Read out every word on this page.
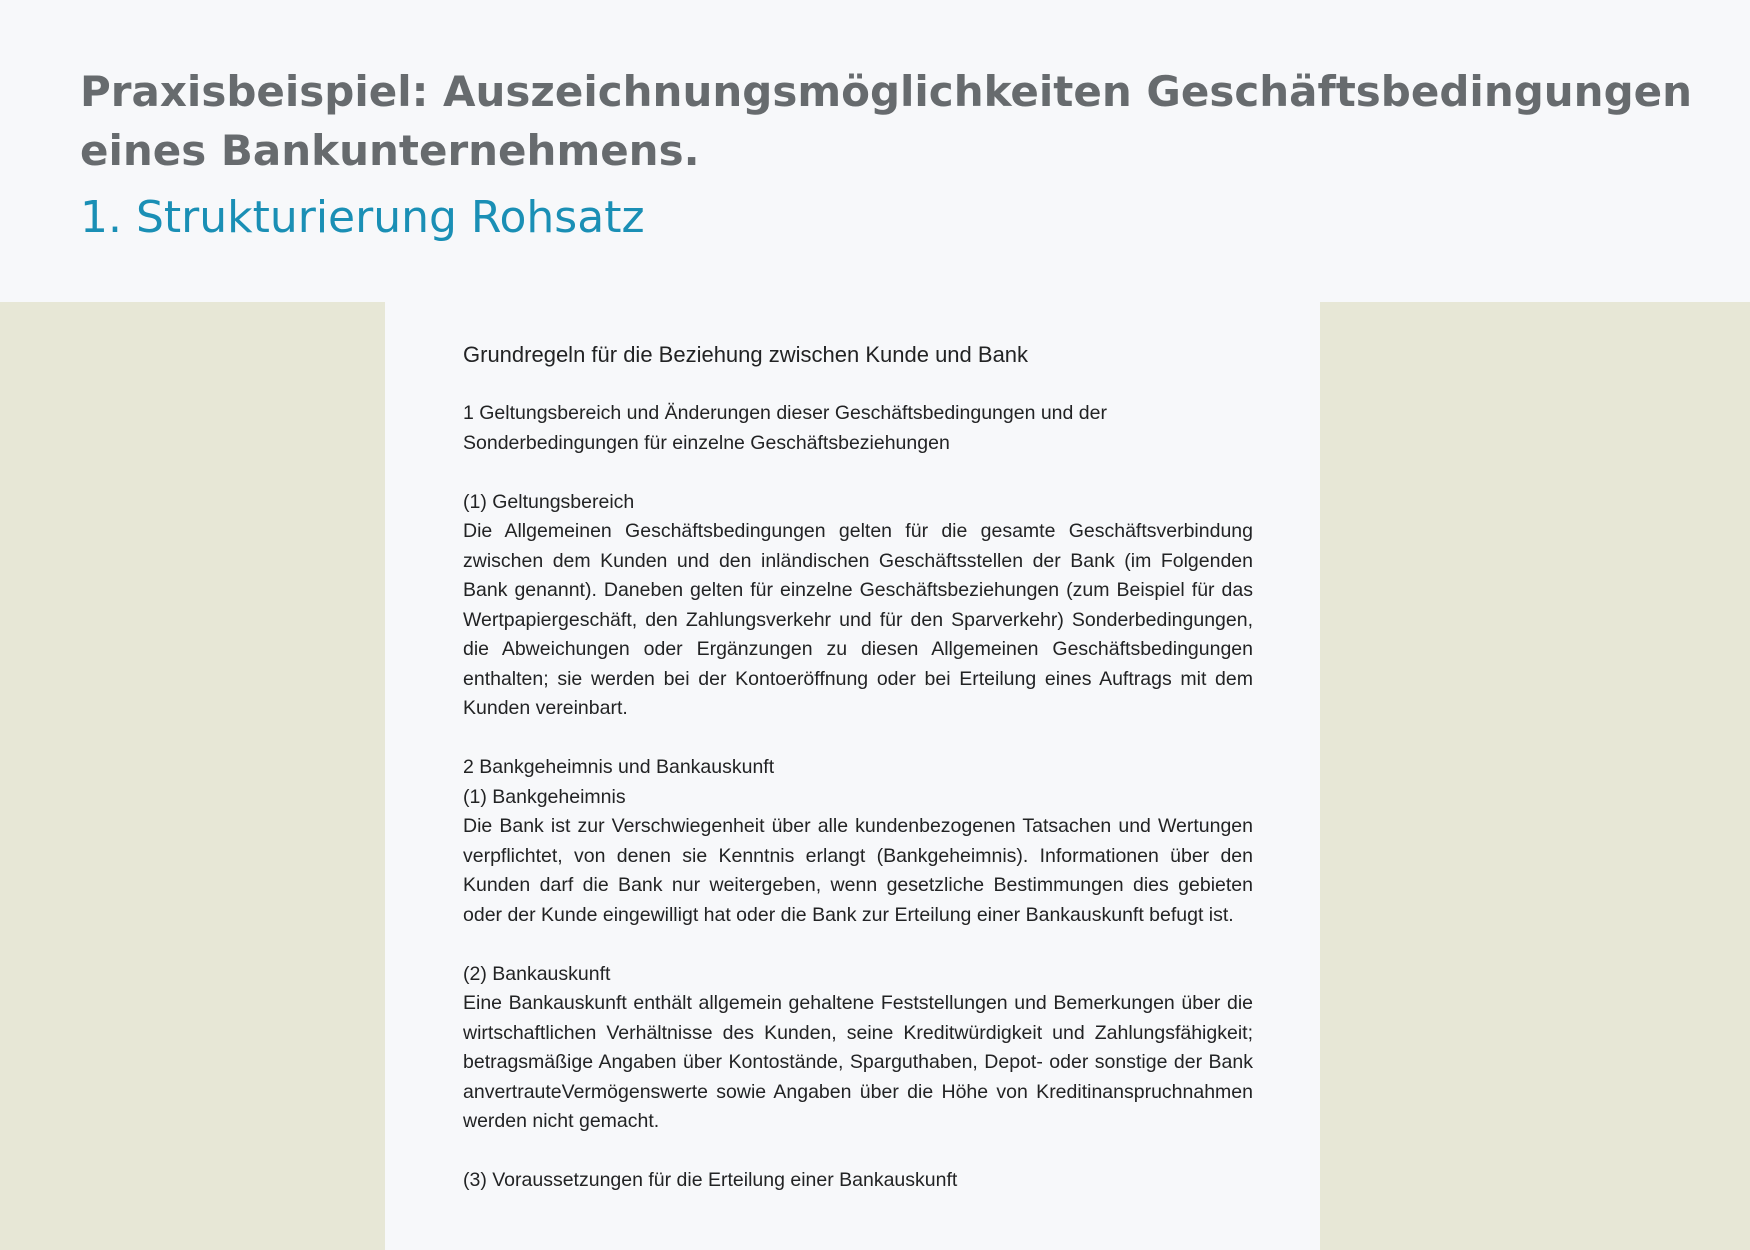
Praxisbeispiel: Auszeichnungsmöglichkeiten Geschäftsbedingungen eines Bankunternehmens.
1. Strukturierung Rohsatz

Grundregeln für die Beziehung zwischen Kunde und Bank

1 Geltungsbereich und Änderungen dieser Geschäftsbedingungen und der Sonderbedingungen für einzelne Geschäftsbeziehungen

(1) Geltungsbereich

Die Allgemeinen Geschäftsbedingungen gelten für die gesamte Geschäftsverbindung zwischen dem Kunden und den inländischen Geschäftsstellen der Bank (im Folgenden Bank genannt). Daneben gelten für einzelne Geschäftsbeziehungen (zum Beispiel für das Wertpapiergeschäft, den Zahlungsverkehr und für den Sparverkehr) Sonderbedingungen, die Abweichungen oder Ergänzungen zu diesen Allgemeinen Geschäftsbedingungen enthalten; sie werden bei der Kontoeröffnung oder bei Erteilung eines Auftrags mit dem Kunden vereinbart.

2 Bankgeheimnis und Bankauskunft

(1) Bankgeheimnis

Die Bank ist zur Verschwiegenheit über alle kundenbezogenen Tatsachen und Wertungen verpflichtet, von denen sie Kenntnis erlangt (Bankgeheimnis). Informationen über den Kunden darf die Bank nur weitergeben, wenn gesetzliche Bestimmungen dies gebieten oder der Kunde eingewilligt hat oder die Bank zur Erteilung einer Bankauskunft befugt ist.

(2) Bankauskunft

Eine Bankauskunft enthält allgemein gehaltene Feststellungen und Bemerkungen über die wirtschaftlichen Verhältnisse des Kunden, seine Kreditwürdigkeit und Zahlungsfähigkeit; betragsmäßige Angaben über Kontostände, Sparguthaben, Depot- oder sonstige der Bank anvertrauteVermögenswerte sowie Angaben über die Höhe von Kreditinanspruchnahmen werden nicht gemacht.

(3) Voraussetzungen für die Erteilung einer Bankauskunft
